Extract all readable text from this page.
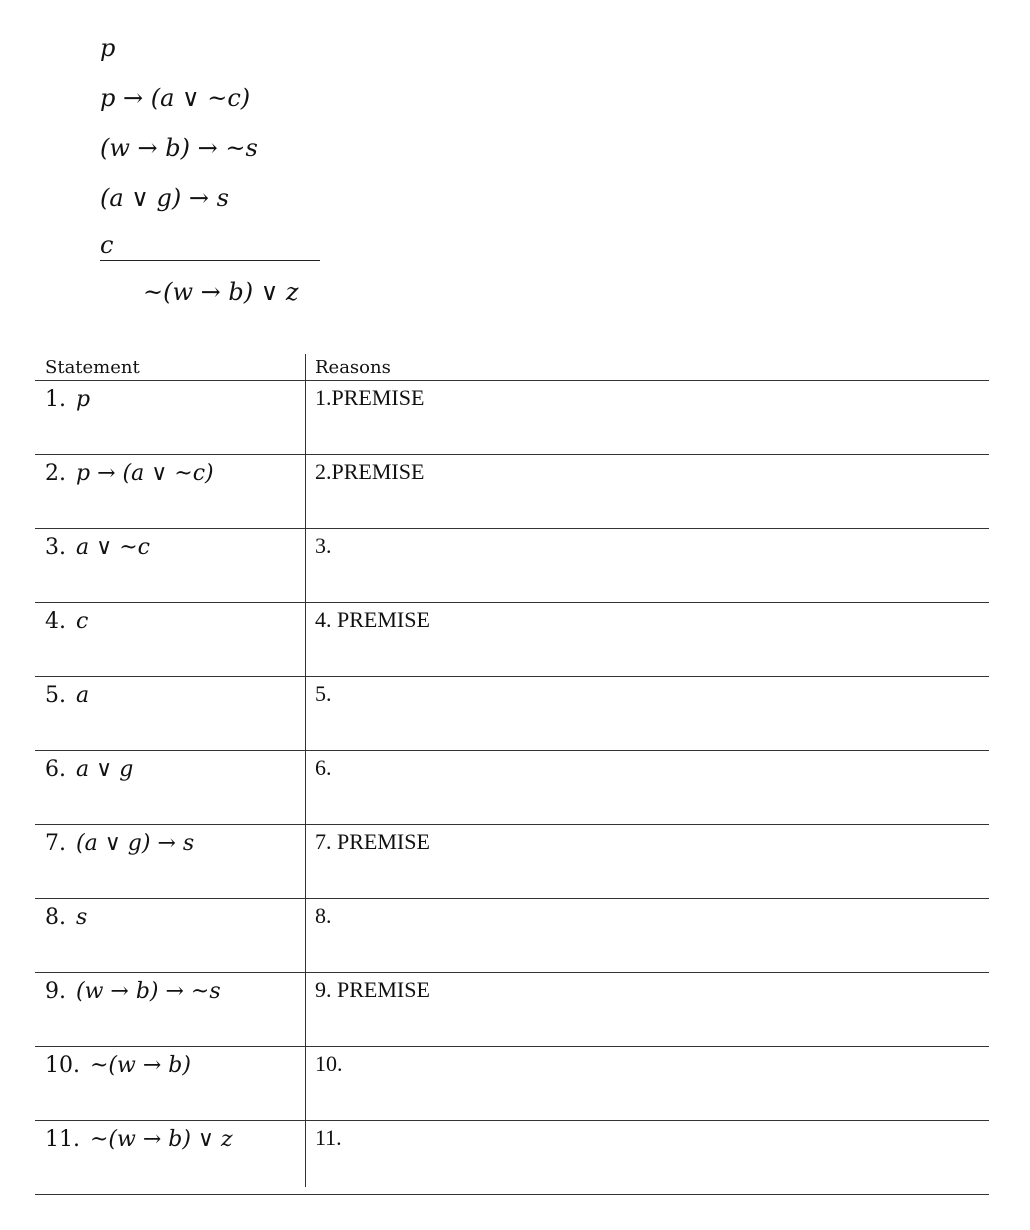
p
p → (a ∨ ~c)
(w → b) → ~s
(a ∨ g) → s
c
~(w → b) ∨ z
Statement	Reasons
1. p	1.PREMISE
2. p → (a ∨ ~c)	2.PREMISE
3. a ∨ ~c	3.
4. c	4. PREMISE
5. a	5.
6. a ∨ g	6.
7. (a ∨ g) → s	7. PREMISE
8. s	8.
9. (w → b) → ~s	9. PREMISE
10. ~(w → b)	10.
11. ~(w → b) ∨ z	11.
